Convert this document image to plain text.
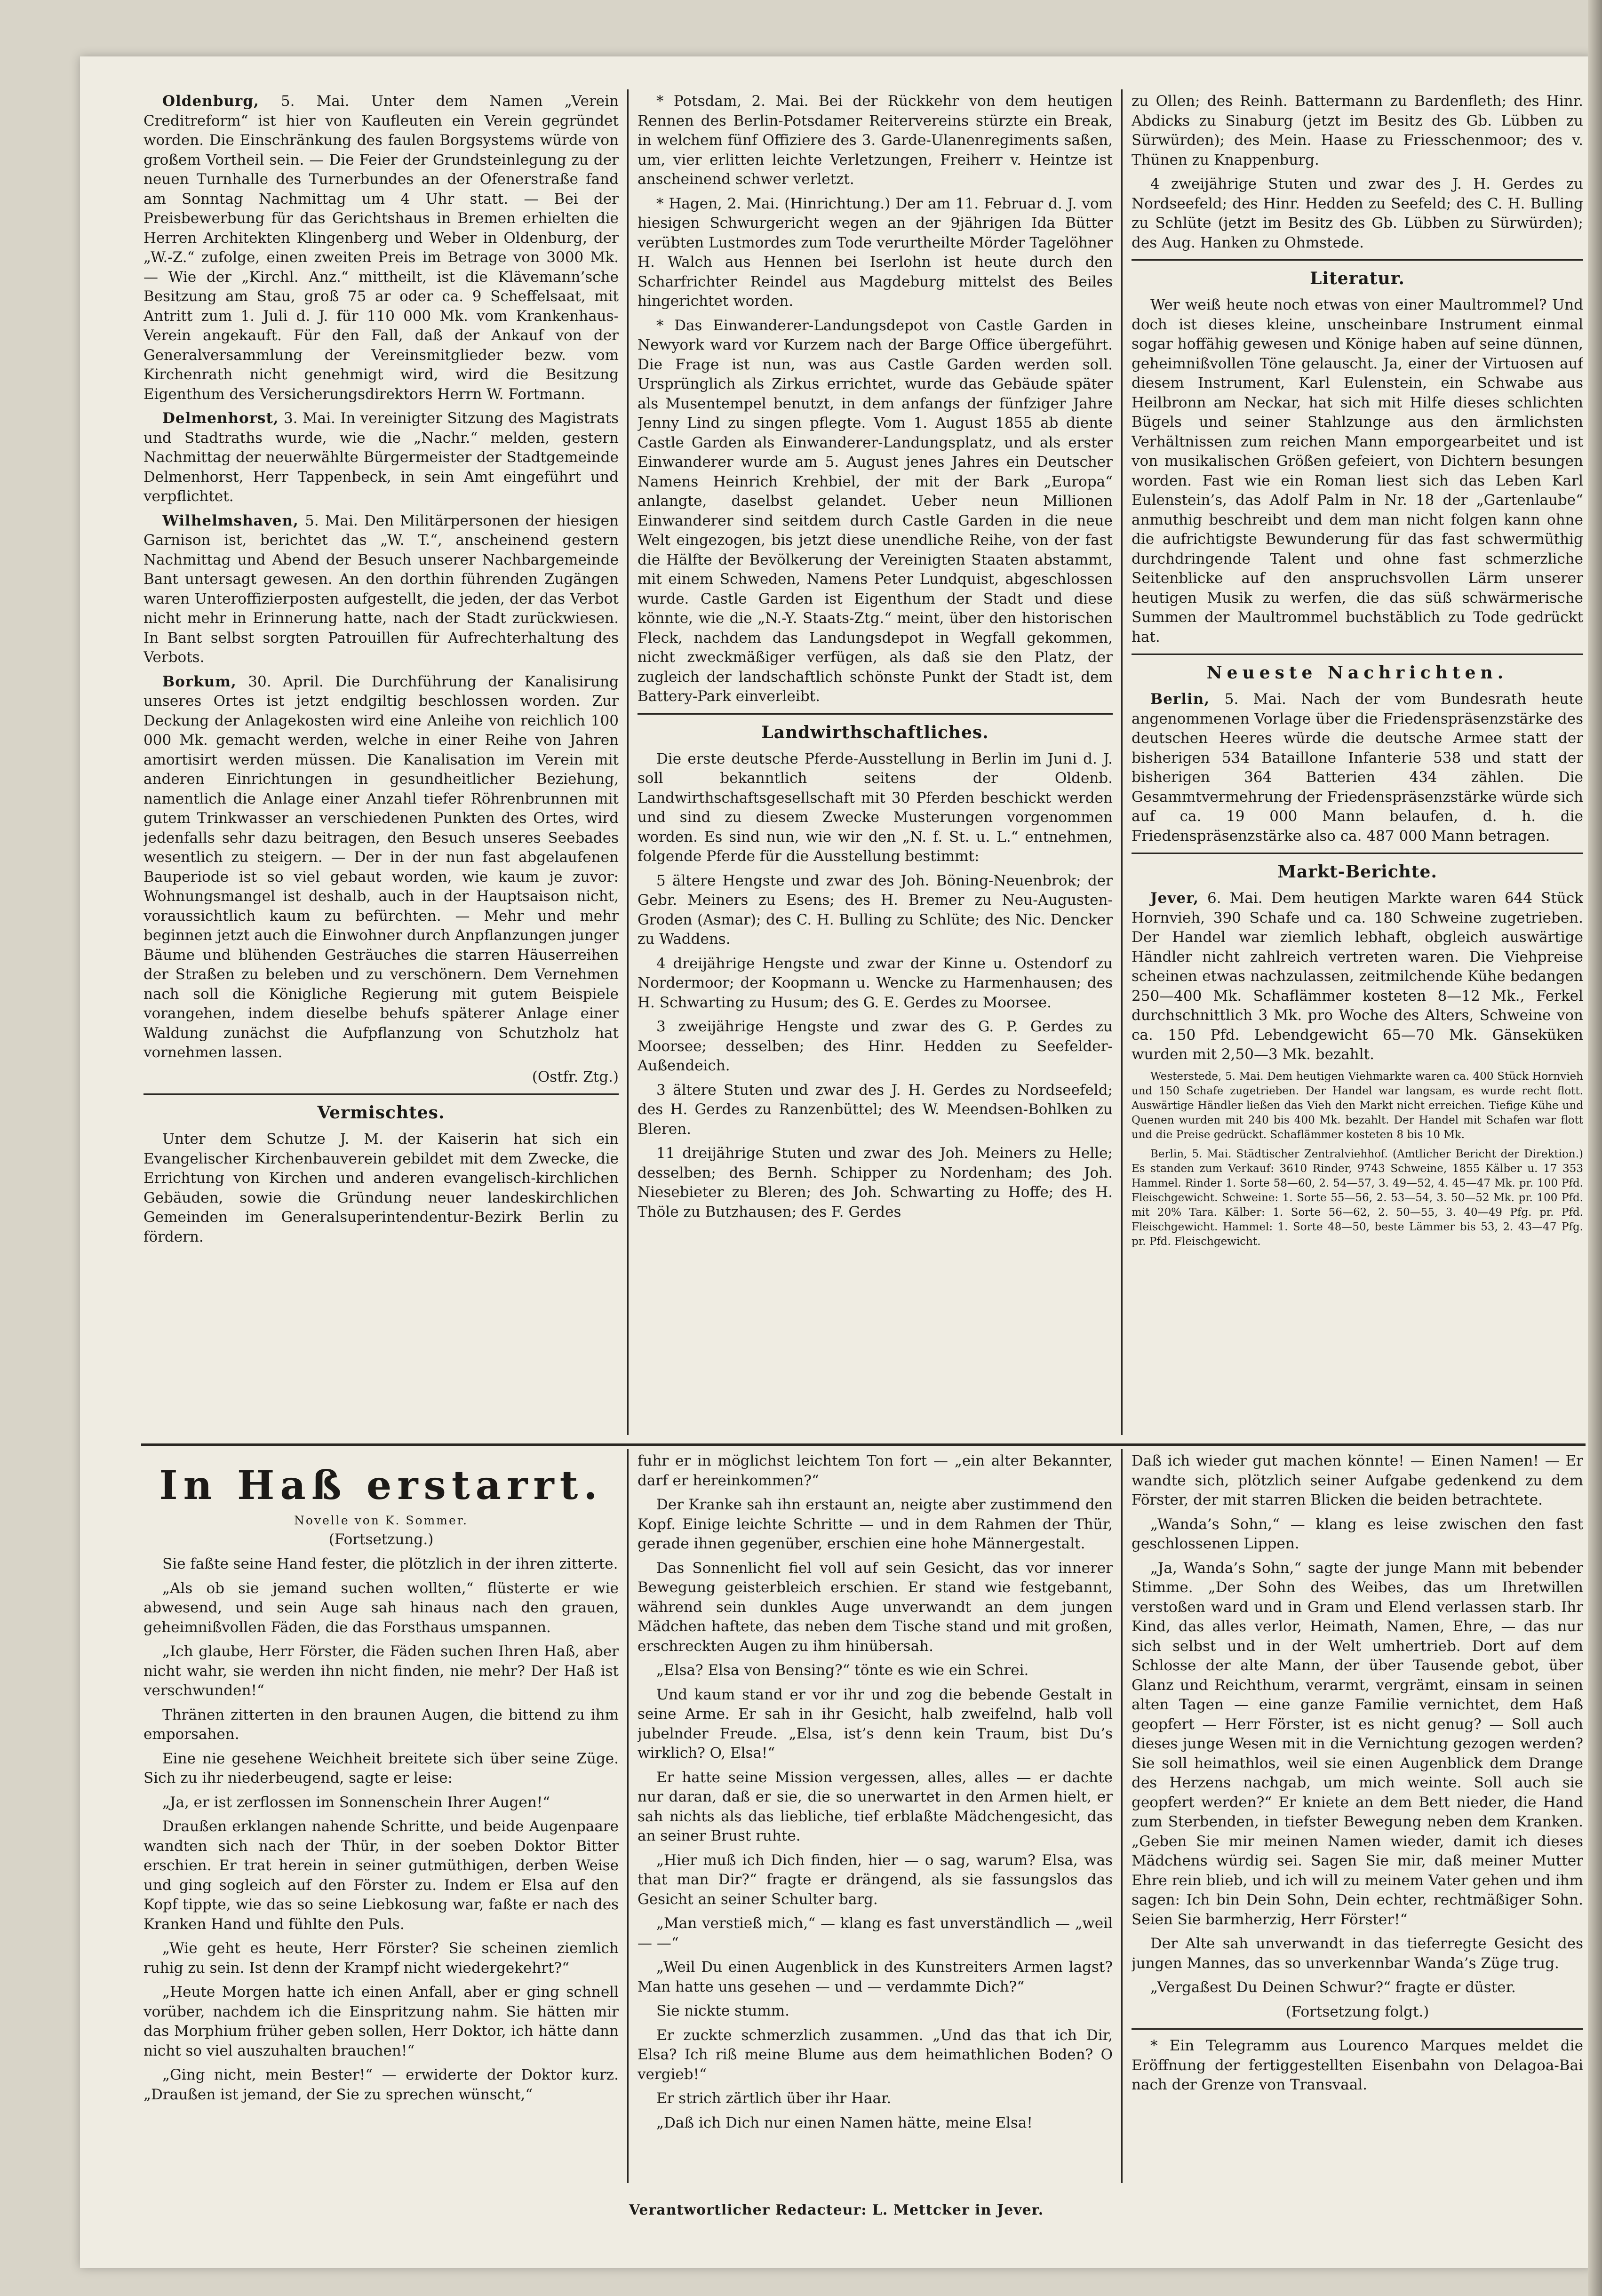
Oldenburg, 5. Mai. Unter dem Namen „Verein Creditreform“ ist hier von Kaufleuten ein Verein gegründet worden. Die Einschränkung des faulen Borgsystems würde von großem Vortheil sein. — Die Feier der Grundsteinlegung zu der neuen Turnhalle des Turnerbundes an der Ofenerstraße fand am Sonntag Nachmittag um 4 Uhr statt. — Bei der Preisbewerbung für das Gerichtshaus in Bremen erhielten die Herren Architekten Klingenberg und Weber in Oldenburg, der „W.-Z.“ zufolge, einen zweiten Preis im Betrage von 3000 Mk. — Wie der „Kirchl. Anz.“ mittheilt, ist die Klävemann’sche Besitzung am Stau, groß 75 ar oder ca. 9 Scheffelsaat, mit Antritt zum 1. Juli d. J. für 110 000 Mk. vom Krankenhaus-Verein angekauft. Für den Fall, daß der Ankauf von der Generalversammlung der Vereinsmitglieder bezw. vom Kirchenrath nicht genehmigt wird, wird die Besitzung Eigenthum des Versicherungsdirektors Herrn W. Fortmann.

Delmenhorst, 3. Mai. In vereinigter Sitzung des Magistrats und Stadtraths wurde, wie die „Nachr.“ melden, gestern Nachmittag der neuerwählte Bürgermeister der Stadtgemeinde Delmenhorst, Herr Tappenbeck, in sein Amt eingeführt und verpflichtet.

Wilhelmshaven, 5. Mai. Den Militärpersonen der hiesigen Garnison ist, berichtet das „W. T.“, anscheinend gestern Nachmittag und Abend der Besuch unserer Nachbargemeinde Bant untersagt gewesen. An den dorthin führenden Zugängen waren Unteroffizierposten aufgestellt, die jeden, der das Verbot nicht mehr in Erinnerung hatte, nach der Stadt zurückwiesen. In Bant selbst sorgten Patrouillen für Aufrechterhaltung des Verbots.

Borkum, 30. April. Die Durchführung der Kanalisirung unseres Ortes ist jetzt endgiltig beschlossen worden. Zur Deckung der Anlagekosten wird eine Anleihe von reichlich 100 000 Mk. gemacht werden, welche in einer Reihe von Jahren amortisirt werden müssen. Die Kanalisation im Verein mit anderen Einrichtungen in gesundheitlicher Beziehung, namentlich die Anlage einer Anzahl tiefer Röhrenbrunnen mit gutem Trinkwasser an verschiedenen Punkten des Ortes, wird jedenfalls sehr dazu beitragen, den Besuch unseres Seebades wesentlich zu steigern. — Der in der nun fast abgelaufenen Bauperiode ist so viel gebaut worden, wie kaum je zuvor: Wohnungsmangel ist deshalb, auch in der Hauptsaison nicht, voraussichtlich kaum zu befürchten. — Mehr und mehr beginnen jetzt auch die Einwohner durch Anpflanzungen junger Bäume und blühenden Gesträuches die starren Häuserreihen der Straßen zu beleben und zu verschönern. Dem Vernehmen nach soll die Königliche Regierung mit gutem Beispiele vorangehen, indem dieselbe behufs späterer Anlage einer Waldung zunächst die Aufpflanzung von Schutzholz hat vornehmen lassen.

(Ostfr. Ztg.)

Vermischtes.

Unter dem Schutze J. M. der Kaiserin hat sich ein Evangelischer Kirchenbauverein gebildet mit dem Zwecke, die Errichtung von Kirchen und anderen evangelisch-kirchlichen Gebäuden, sowie die Gründung neuer landeskirchlichen Gemeinden im Generalsuperintendentur-Bezirk Berlin zu fördern.

* Potsdam, 2. Mai. Bei der Rückkehr von dem heutigen Rennen des Berlin-Potsdamer Reitervereins stürzte ein Break, in welchem fünf Offiziere des 3. Garde-Ulanenregiments saßen, um, vier erlitten leichte Verletzungen, Freiherr v. Heintze ist anscheinend schwer verletzt.

* Hagen, 2. Mai. (Hinrichtung.) Der am 11. Februar d. J. vom hiesigen Schwurgericht wegen an der 9jährigen Ida Bütter verübten Lustmordes zum Tode verurtheilte Mörder Tagelöhner H. Walch aus Hennen bei Iserlohn ist heute durch den Scharfrichter Reindel aus Magdeburg mittelst des Beiles hingerichtet worden.

* Das Einwanderer-Landungsdepot von Castle Garden in Newyork ward vor Kurzem nach der Barge Office übergeführt. Die Frage ist nun, was aus Castle Garden werden soll. Ursprünglich als Zirkus errichtet, wurde das Gebäude später als Musentempel benutzt, in dem anfangs der fünfziger Jahre Jenny Lind zu singen pflegte. Vom 1. August 1855 ab diente Castle Garden als Einwanderer-Landungsplatz, und als erster Einwanderer wurde am 5. August jenes Jahres ein Deutscher Namens Heinrich Krehbiel, der mit der Bark „Europa“ anlangte, daselbst gelandet. Ueber neun Millionen Einwanderer sind seitdem durch Castle Garden in die neue Welt eingezogen, bis jetzt diese unendliche Reihe, von der fast die Hälfte der Bevölkerung der Vereinigten Staaten abstammt, mit einem Schweden, Namens Peter Lundquist, abgeschlossen wurde. Castle Garden ist Eigenthum der Stadt und diese könnte, wie die „N.-Y. Staats-Ztg.“ meint, über den historischen Fleck, nachdem das Landungsdepot in Wegfall gekommen, nicht zweckmäßiger verfügen, als daß sie den Platz, der zugleich der landschaftlich schönste Punkt der Stadt ist, dem Battery-Park einverleibt.

Landwirthschaftliches.

Die erste deutsche Pferde-Ausstellung in Berlin im Juni d. J. soll bekanntlich seitens der Oldenb. Landwirthschaftsgesellschaft mit 30 Pferden beschickt werden und sind zu diesem Zwecke Musterungen vorgenommen worden. Es sind nun, wie wir den „N. f. St. u. L.“ entnehmen, folgende Pferde für die Ausstellung bestimmt:

5 ältere Hengste und zwar des Joh. Böning-Neuenbrok; der Gebr. Meiners zu Esens; des H. Bremer zu Neu-Augusten-Groden (Asmar); des C. H. Bulling zu Schlüte; des Nic. Dencker zu Waddens.

4 dreijährige Hengste und zwar der Kinne u. Ostendorf zu Nordermoor; der Koopmann u. Wencke zu Harmenhausen; des H. Schwarting zu Husum; des G. E. Gerdes zu Moorsee.

3 zweijährige Hengste und zwar des G. P. Gerdes zu Moorsee; desselben; des Hinr. Hedden zu Seefelder-Außendeich.

3 ältere Stuten und zwar des J. H. Gerdes zu Nordseefeld; des H. Gerdes zu Ranzenbüttel; des W. Meendsen-Bohlken zu Bleren.

11 dreijährige Stuten und zwar des Joh. Meiners zu Helle; desselben; des Bernh. Schipper zu Nordenham; des Joh. Niesebieter zu Bleren; des Joh. Schwarting zu Hoffe; des H. Thöle zu Butzhausen; des F. Gerdes

zu Ollen; des Reinh. Battermann zu Bardenfleth; des Hinr. Abdicks zu Sinaburg (jetzt im Besitz des Gb. Lübben zu Sürwürden); des Mein. Haase zu Friesschenmoor; des v. Thünen zu Knappenburg.

4 zweijährige Stuten und zwar des J. H. Gerdes zu Nordseefeld; des Hinr. Hedden zu Seefeld; des C. H. Bulling zu Schlüte (jetzt im Besitz des Gb. Lübben zu Sürwürden); des Aug. Hanken zu Ohmstede.

Literatur.

Wer weiß heute noch etwas von einer Maultrommel? Und doch ist dieses kleine, unscheinbare Instrument einmal sogar hoffähig gewesen und Könige haben auf seine dünnen, geheimnißvollen Töne gelauscht. Ja, einer der Virtuosen auf diesem Instrument, Karl Eulenstein, ein Schwabe aus Heilbronn am Neckar, hat sich mit Hilfe dieses schlichten Bügels und seiner Stahlzunge aus den ärmlichsten Verhältnissen zum reichen Mann emporgearbeitet und ist von musikalischen Größen gefeiert, von Dichtern besungen worden. Fast wie ein Roman liest sich das Leben Karl Eulenstein’s, das Adolf Palm in Nr. 18 der „Gartenlaube“ anmuthig beschreibt und dem man nicht folgen kann ohne die aufrichtigste Bewunderung für das fast schwermüthig durchdringende Talent und ohne fast schmerzliche Seitenblicke auf den anspruchsvollen Lärm unserer heutigen Musik zu werfen, die das süß schwärmerische Summen der Maultrommel buchstäblich zu Tode gedrückt hat.

Neueste Nachrichten.

Berlin, 5. Mai. Nach der vom Bundesrath heute angenommenen Vorlage über die Friedenspräsenzstärke des deutschen Heeres würde die deutsche Armee statt der bisherigen 534 Bataillone Infanterie 538 und statt der bisherigen 364 Batterien 434 zählen. Die Gesammtvermehrung der Friedenspräsenzstärke würde sich auf ca. 19 000 Mann belaufen, d. h. die Friedenspräsenzstärke also ca. 487 000 Mann betragen.

Markt-Berichte.

Jever, 6. Mai. Dem heutigen Markte waren 644 Stück Hornvieh, 390 Schafe und ca. 180 Schweine zugetrieben. Der Handel war ziemlich lebhaft, obgleich auswärtige Händler nicht zahlreich vertreten waren. Die Viehpreise scheinen etwas nachzulassen, zeitmilchende Kühe bedangen 250—400 Mk. Schaflämmer kosteten 8—12 Mk., Ferkel durchschnittlich 3 Mk. pro Woche des Alters, Schweine von ca. 150 Pfd. Lebendgewicht 65—70 Mk. Gänseküken wurden mit 2,50—3 Mk. bezahlt.

Westerstede, 5. Mai. Dem heutigen Viehmarkte waren ca. 400 Stück Hornvieh und 150 Schafe zugetrieben. Der Handel war langsam, es wurde recht flott. Auswärtige Händler ließen das Vieh den Markt nicht erreichen. Tiefige Kühe und Quenen wurden mit 240 bis 400 Mk. bezahlt. Der Handel mit Schafen war flott und die Preise gedrückt. Schaflämmer kosteten 8 bis 10 Mk.

Berlin, 5. Mai. Städtischer Zentralviehhof. (Amtlicher Bericht der Direktion.) Es standen zum Verkauf: 3610 Rinder, 9743 Schweine, 1855 Kälber u. 17 353 Hammel. Rinder 1. Sorte 58—60, 2. 54—57, 3. 49—52, 4. 45—47 Mk. pr. 100 Pfd. Fleischgewicht. Schweine: 1. Sorte 55—56, 2. 53—54, 3. 50—52 Mk. pr. 100 Pfd. mit 20% Tara. Kälber: 1. Sorte 56—62, 2. 50—55, 3. 40—49 Pfg. pr. Pfd. Fleischgewicht. Hammel: 1. Sorte 48—50, beste Lämmer bis 53, 2. 43—47 Pfg. pr. Pfd. Fleischgewicht.

In Haß erstarrt.
Novelle von K. Sommer.
(Fortsetzung.)

Sie faßte seine Hand fester, die plötzlich in der ihren zitterte.

„Als ob sie jemand suchen wollten,“ flüsterte er wie abwesend, und sein Auge sah hinaus nach den grauen, geheimnißvollen Fäden, die das Forsthaus umspannen.

„Ich glaube, Herr Förster, die Fäden suchen Ihren Haß, aber nicht wahr, sie werden ihn nicht finden, nie mehr? Der Haß ist verschwunden!“

Thränen zitterten in den braunen Augen, die bittend zu ihm emporsahen.

Eine nie gesehene Weichheit breitete sich über seine Züge. Sich zu ihr niederbeugend, sagte er leise:

„Ja, er ist zerflossen im Sonnenschein Ihrer Augen!“

Draußen erklangen nahende Schritte, und beide Augenpaare wandten sich nach der Thür, in der soeben Doktor Bitter erschien. Er trat herein in seiner gutmüthigen, derben Weise und ging sogleich auf den Förster zu. Indem er Elsa auf den Kopf tippte, wie das so seine Liebkosung war, faßte er nach des Kranken Hand und fühlte den Puls.

„Wie geht es heute, Herr Förster? Sie scheinen ziemlich ruhig zu sein. Ist denn der Krampf nicht wiedergekehrt?“

„Heute Morgen hatte ich einen Anfall, aber er ging schnell vorüber, nachdem ich die Einspritzung nahm. Sie hätten mir das Morphium früher geben sollen, Herr Doktor, ich hätte dann nicht so viel auszuhalten brauchen!“

„Ging nicht, mein Bester!“ — erwiderte der Doktor kurz. „Draußen ist jemand, der Sie zu sprechen wünscht,“

fuhr er in möglichst leichtem Ton fort — „ein alter Bekannter, darf er hereinkommen?“

Der Kranke sah ihn erstaunt an, neigte aber zustimmend den Kopf. Einige leichte Schritte — und in dem Rahmen der Thür, gerade ihnen gegenüber, erschien eine hohe Männergestalt.

Das Sonnenlicht fiel voll auf sein Gesicht, das vor innerer Bewegung geisterbleich erschien. Er stand wie festgebannt, während sein dunkles Auge unverwandt an dem jungen Mädchen haftete, das neben dem Tische stand und mit großen, erschreckten Augen zu ihm hinübersah.

„Elsa? Elsa von Bensing?“ tönte es wie ein Schrei.

Und kaum stand er vor ihr und zog die bebende Gestalt in seine Arme. Er sah in ihr Gesicht, halb zweifelnd, halb voll jubelnder Freude. „Elsa, ist’s denn kein Traum, bist Du’s wirklich? O, Elsa!“

Er hatte seine Mission vergessen, alles, alles — er dachte nur daran, daß er sie, die so unerwartet in den Armen hielt, er sah nichts als das liebliche, tief erblaßte Mädchengesicht, das an seiner Brust ruhte.

„Hier muß ich Dich finden, hier — o sag, warum? Elsa, was that man Dir?“ fragte er drängend, als sie fassungslos das Gesicht an seiner Schulter barg.

„Man verstieß mich,“ — klang es fast unverständlich — „weil — —“

„Weil Du einen Augenblick in des Kunstreiters Armen lagst? Man hatte uns gesehen — und — verdammte Dich?“

Sie nickte stumm.

Er zuckte schmerzlich zusammen. „Und das that ich Dir, Elsa? Ich riß meine Blume aus dem heimathlichen Boden? O vergieb!“

Er strich zärtlich über ihr Haar.

„Daß ich Dich nur einen Namen hätte, meine Elsa!

Daß ich wieder gut machen könnte! — Einen Namen! — Er wandte sich, plötzlich seiner Aufgabe gedenkend zu dem Förster, der mit starren Blicken die beiden betrachtete.

„Wanda’s Sohn,“ — klang es leise zwischen den fast geschlossenen Lippen.

„Ja, Wanda’s Sohn,“ sagte der junge Mann mit bebender Stimme. „Der Sohn des Weibes, das um Ihretwillen verstoßen ward und in Gram und Elend verlassen starb. Ihr Kind, das alles verlor, Heimath, Namen, Ehre, — das nur sich selbst und in der Welt umhertrieb. Dort auf dem Schlosse der alte Mann, der über Tausende gebot, über Glanz und Reichthum, verarmt, vergrämt, einsam in seinen alten Tagen — eine ganze Familie vernichtet, dem Haß geopfert — Herr Förster, ist es nicht genug? — Soll auch dieses junge Wesen mit in die Vernichtung gezogen werden? Sie soll heimathlos, weil sie einen Augenblick dem Drange des Herzens nachgab, um mich weinte. Soll auch sie geopfert werden?“ Er kniete an dem Bett nieder, die Hand zum Sterbenden, in tiefster Bewegung neben dem Kranken. „Geben Sie mir meinen Namen wieder, damit ich dieses Mädchens würdig sei. Sagen Sie mir, daß meiner Mutter Ehre rein blieb, und ich will zu meinem Vater gehen und ihm sagen: Ich bin Dein Sohn, Dein echter, rechtmäßiger Sohn. Seien Sie barmherzig, Herr Förster!“

Der Alte sah unverwandt in das tieferregte Gesicht des jungen Mannes, das so unverkennbar Wanda’s Züge trug.

„Vergaßest Du Deinen Schwur?“ fragte er düster.

(Fortsetzung folgt.)

* Ein Telegramm aus Lourenco Marques meldet die Eröffnung der fertiggestellten Eisenbahn von Delagoa-Bai nach der Grenze von Transvaal.

Verantwortlicher Redacteur: L. Mettcker in Jever.
